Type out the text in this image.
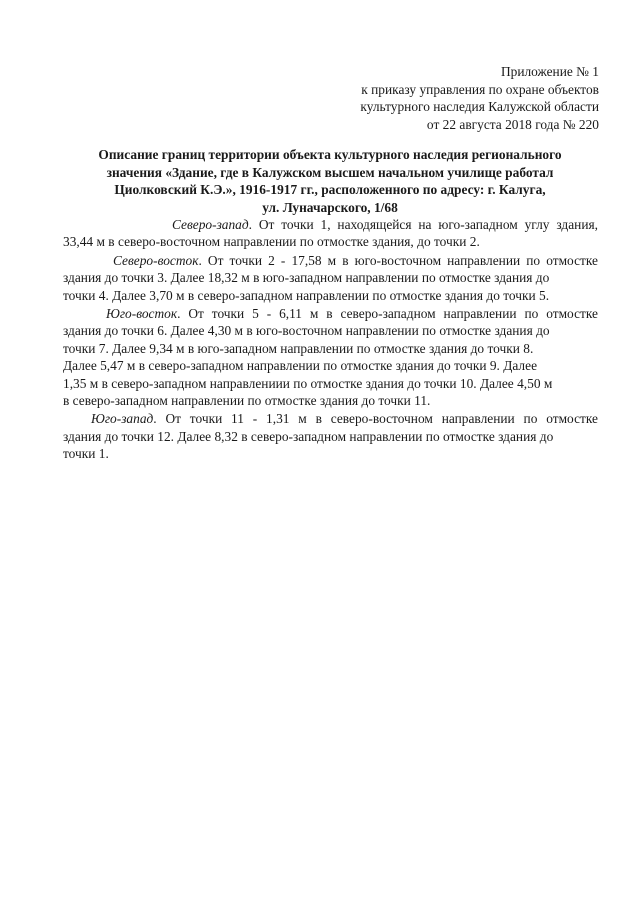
Приложение № 1
к приказу управления по охране объектов
культурного наследия Калужской области
от 22 августа 2018 года № 220
Описание границ территории объекта культурного наследия регионального
значения «Здание, где в Калужском высшем начальном училище работал
Циолковский К.Э.», 1916-1917 гг., расположенного по адресу: г. Калуга,
ул. Луначарского, 1/68
Северо-запад. От точки 1, находящейся на юго-западном углу здания,
33,44 м в северо-восточном направлении по отмостке здания, до точки 2.
Северо-восток. От точки 2 - 17,58 м в юго-восточном направлении по отмостке
здания до точки 3. Далее 18,32 м в юго-западном направлении по отмостке здания до
точки 4. Далее 3,70 м в северо-западном направлении по отмостке здания до точки 5.
Юго-восток. От точки 5 - 6,11 м в северо-западном направлении по отмостке
здания до точки 6. Далее 4,30 м в юго-восточном направлении по отмостке здания до
точки 7. Далее 9,34 м в юго-западном направлении по отмостке здания до точки 8.
Далее 5,47 м в северо-западном направлении по отмостке здания до точки 9. Далее
1,35 м в северо-западном направлениии по отмостке здания до точки 10. Далее 4,50 м
в северо-западном направлении по отмостке здания до точки 11.
Юго-запад. От точки 11 - 1,31 м в северо-восточном направлении по отмостке
здания до точки 12. Далее 8,32 в северо-западном направлении по отмостке здания до
точки 1.
